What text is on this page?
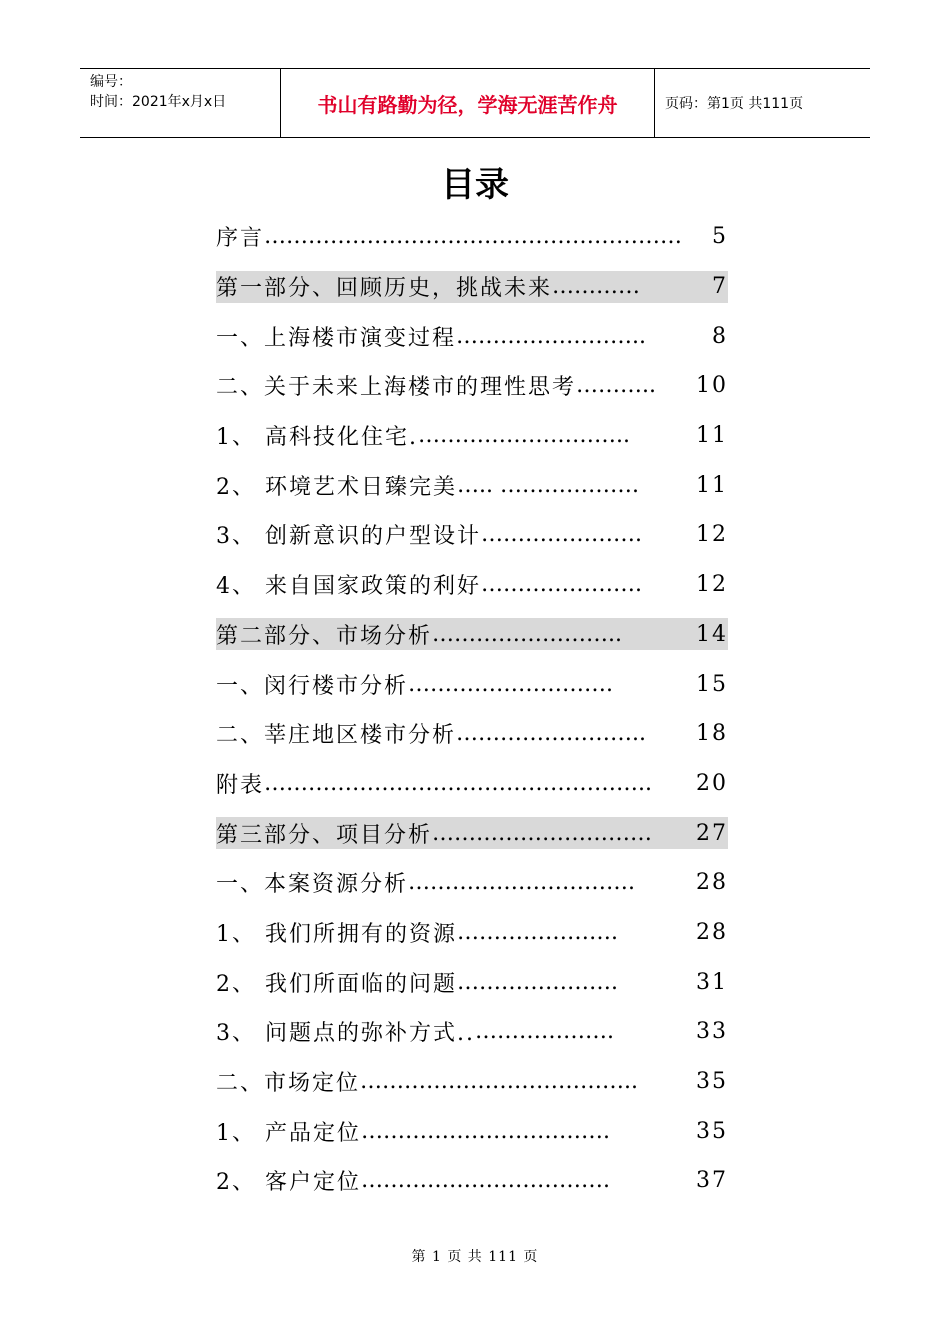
编号：
时间：2021年x月x日	书山有路勤为径，学海无涯苦作舟	页码：第1页 共111页
目录
序言 …………………………………………………	5
第一部分、回顾历史，挑战未来 …………	7
一、上海楼市演变过程 ……………………..	8
二、关于未来上海楼市的理性思考 ………..	10
1、 高科技化住宅. ………………………..	11
2、 环境艺术日臻完美 ….. ……………….	11
3、 创新意识的户型设计 ………………….	12
4、 来自国家政策的利好 ………………….	12
第二部分、市场分析 ……………………..	14
一、闵行楼市分析 ……………………….	15
二、莘庄地区楼市分析 ……………………..	18
附表 ……………………………………………..	20
第三部分、项目分析 …………………………	27
一、本案资源分析 ………………………….	28
1、 我们所拥有的资源 ………………….	28
2、 我们所面临的问题 ………………….	31
3、 问题点的弥补方式.. ……………….	33
二、市场定位 ………………………………..	35
1、 产品定位 …………………………….	35
2、 客户定位 …………………………….	37
第 1 页 共 111 页
